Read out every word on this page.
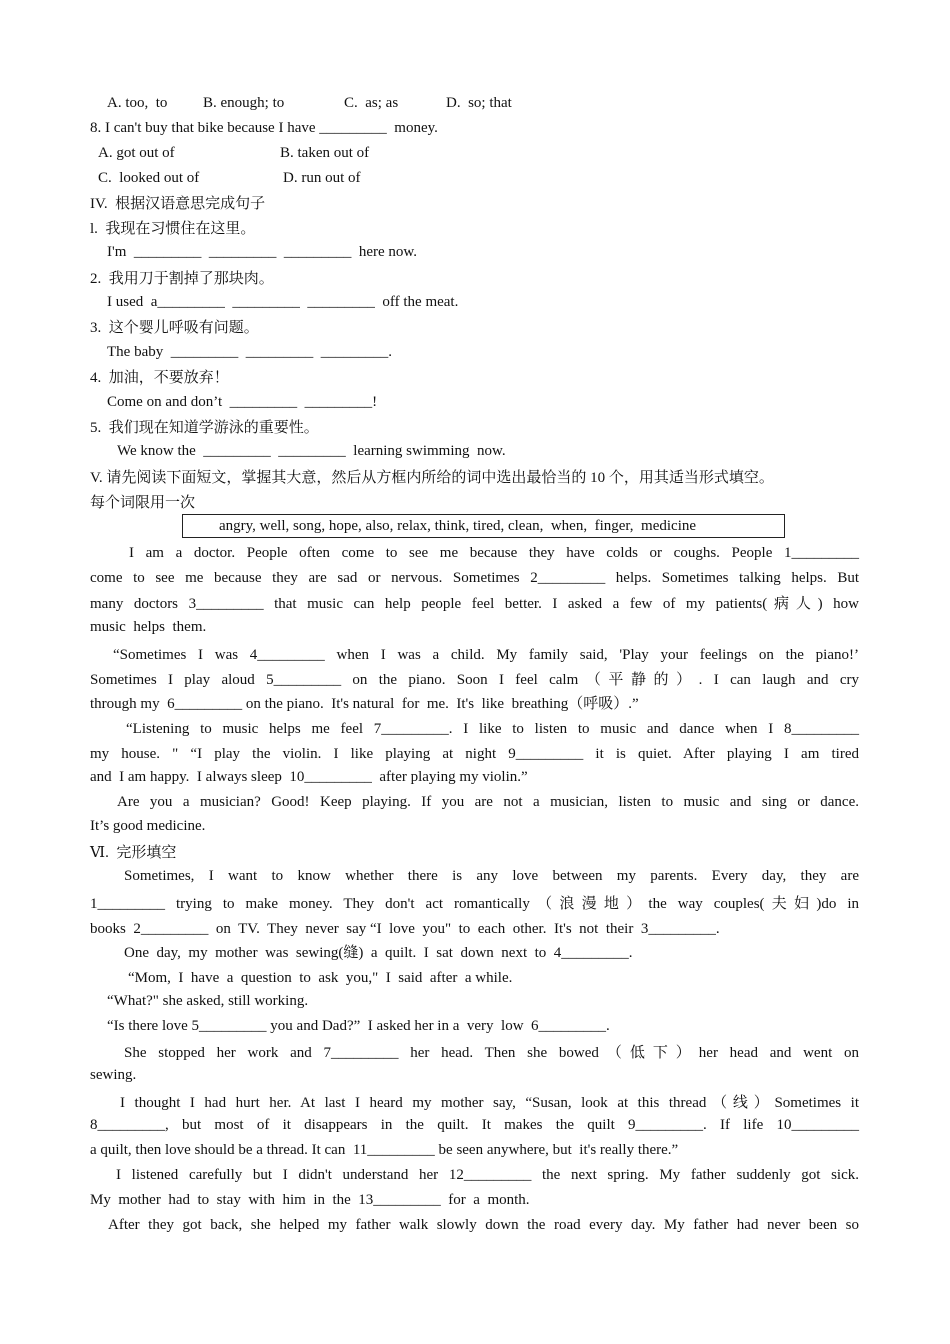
A. too,  to B. enough; to	C.  as; as	D.  so; that
8. I can't buy that bike because I have _________  money.
A. got out of	B. taken out of
C.  looked out of	D. run out of
IV.  根据汉语意思完成句子
l.  我现在习惯住在这里。
I'm  _________  _________  _________  here now.
2.  我用刀于割掉了那块肉。
I used  a_________  _________  _________  off the meat.
3.  这个婴儿呼吸有问题。
The baby  _________  _________  _________.
4.  加油，不要放弃！
Come on and don’t  _________  _________!
5.  我们现在知道学游泳的重要性。
We know the  _________  _________  learning swimming  now.
V. 请先阅读下面短文，掌握其大意，然后从方框内所给的词中选出最恰当的 10 个，用其适当形式填空。
每个词限用一次
angry, well, song, hope, also, relax, think, tired, clean,  when,  finger,  medicine
I am a doctor. People often come to see me because they have colds or coughs. People 1_________
come to see me because they are sad or nervous. Sometimes 2_________ helps. Sometimes talking helps. But
many doctors 3_________ that music can help people feel better. I asked a few of my patients(病人) how
music  helps  them.
“Sometimes I was 4_________ when I was a child. My family said, 'Play your feelings on the piano!’
Sometimes I play aloud 5_________ on the piano. Soon I feel calm（平静的）. I can laugh and cry
through my  6_________ on the piano.  It's natural  for  me.  It's  like  breathing（呼吸）.”
“Listening to music helps me feel 7_________. I like to listen to music and dance when I 8_________
my house. " “I play the violin. I like playing at night 9_________ it is quiet. After playing I am tired
and  I am happy.  I always sleep  10_________  after playing my violin.”
Are you a musician? Good! Keep playing. If you are not a musician, listen to music and sing or dance.
It’s good medicine.
Ⅵ.  完形填空
Sometimes, I want to know whether there is any love between my parents. Every day, they are
1_________ trying to make money. They don't act romantically（浪漫地）the way couples(夫妇)do in
books  2_________  on  TV.  They  never  say “I  love  you"  to  each  other.  It's  not  their  3_________.
One  day,  my  mother  was  sewing(缝)  a  quilt.  I  sat  down  next  to  4_________.
“Mom,  I  have  a  question  to  ask  you,"  I  said  after  a while.
“What?" she asked, still working.
“Is there love 5_________ you and Dad?”  I asked her in a  very  low  6_________.
She stopped her work and 7_________ her head. Then she bowed（低下）her head and went on
sewing.
I thought I had hurt her. At last I heard my mother say, “Susan, look at this thread（线）Sometimes it
8_________, but most of it disappears in the quilt. It makes the quilt 9_________. If life 10_________
a quilt, then love should be a thread. It can  11_________ be seen anywhere, but  it's really there.”
I listened carefully but I didn't understand her 12_________ the next spring. My father suddenly got sick.
My  mother  had  to  stay  with  him  in  the  13_________  for  a  month.
After they got back, she helped my father walk slowly down the road every day. My father had never been so
